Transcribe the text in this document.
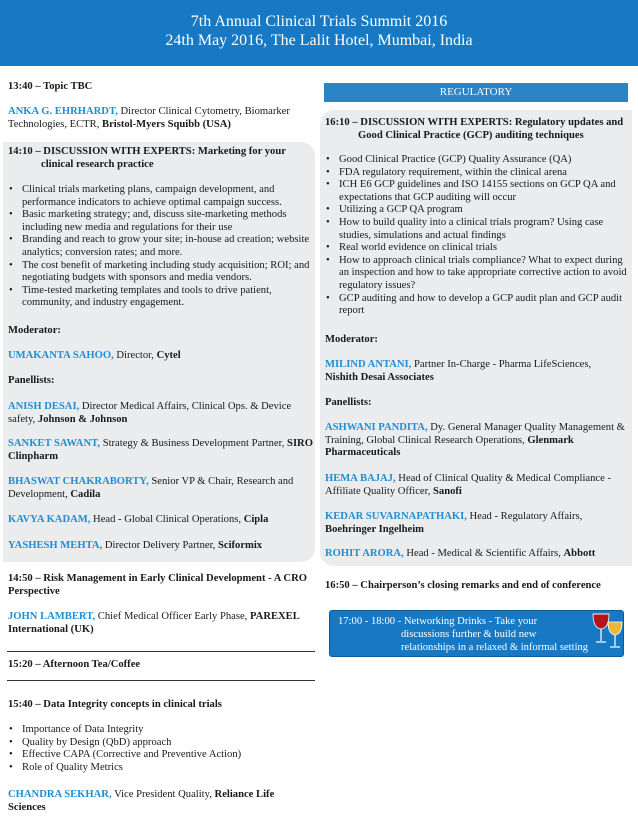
7th Annual Clinical Trials Summit 2016
24th May 2016, The Lalit Hotel, Mumbai, India
13:40 – Topic TBC
ANKA G. EHRHARDT, Director Clinical Cytometry, Biomarker Technologies, ECTR, Bristol-Myers Squibb (USA)
14:10 – DISCUSSION WITH EXPERTS: Marketing for your
clinical research practice
• Clinical trials marketing plans, campaign development, and performance indicators to achieve optimal campaign success.
• Basic marketing strategy; and, discuss site-marketing methods including new media and regulations for their use
• Branding and reach to grow your site; in-house ad creation; website analytics; conversion rates; and more.
• The cost benefit of marketing including study acquisition; ROI; and negotiating budgets with sponsors and media vendors.
• Time-tested marketing templates and tools to drive patient, community, and industry engagement.
Moderator:
UMAKANTA SAHOO, Director, Cytel
Panellists:
ANISH DESAI, Director Medical Affairs, Clinical Ops. & Device safety, Johnson & Johnson
SANKET SAWANT, Strategy & Business Development Partner, SIRO Clinpharm
BHASWAT CHAKRABORTY, Senior VP & Chair, Research and Development, Cadila
KAVYA KADAM, Head - Global Clinical Operations, Cipla
YASHESH MEHTA, Director Delivery Partner, Sciformix
14:50 – Risk Management in Early Clinical Development - A CRO Perspective
JOHN LAMBERT, Chief Medical Officer Early Phase, PAREXEL International (UK)
15:20 – Afternoon Tea/Coffee
15:40 – Data Integrity concepts in clinical trials
• Importance of Data Integrity
• Quality by Design (QbD) approach
• Effective CAPA (Corrective and Preventive Action)
• Role of Quality Metrics
CHANDRA SEKHAR, Vice President Quality, Reliance Life Sciences
REGULATORY
16:10 – DISCUSSION WITH EXPERTS: Regulatory updates and
Good Clinical Practice (GCP) auditing techniques
• Good Clinical Practice (GCP) Quality Assurance (QA)
• FDA regulatory requirement, within the clinical arena
• ICH E6 GCP guidelines and ISO 14155 sections on GCP QA and expectations that GCP auditing will occur
• Utilizing a GCP QA program
• How to build quality into a clinical trials program? Using case studies, simulations and actual findings
• Real world evidence on clinical trials
• How to approach clinical trials compliance? What to expect during an inspection and how to take appropriate corrective action to avoid regulatory issues?
• GCP auditing and how to develop a GCP audit plan and GCP audit report
Moderator:
MILIND ANTANI, Partner In-Charge - Pharma LifeSciences, Nishith Desai Associates
Panellists:
ASHWANI PANDITA, Dy. General Manager Quality Management & Training, Global Clinical Research Operations, Glenmark Pharmaceuticals
HEMA BAJAJ, Head of Clinical Quality & Medical Compliance - Affiliate Quality Officer, Sanofi
KEDAR SUVARNAPATHAKI, Head - Regulatory Affairs, Boehringer Ingelheim
ROHIT ARORA, Head - Medical & Scientific Affairs, Abbott
16:50 – Chairperson’s closing remarks and end of conference
17:00 - 18:00 - Networking Drinks - Take your
discussions further & build new
relationships in a relaxed & informal setting
